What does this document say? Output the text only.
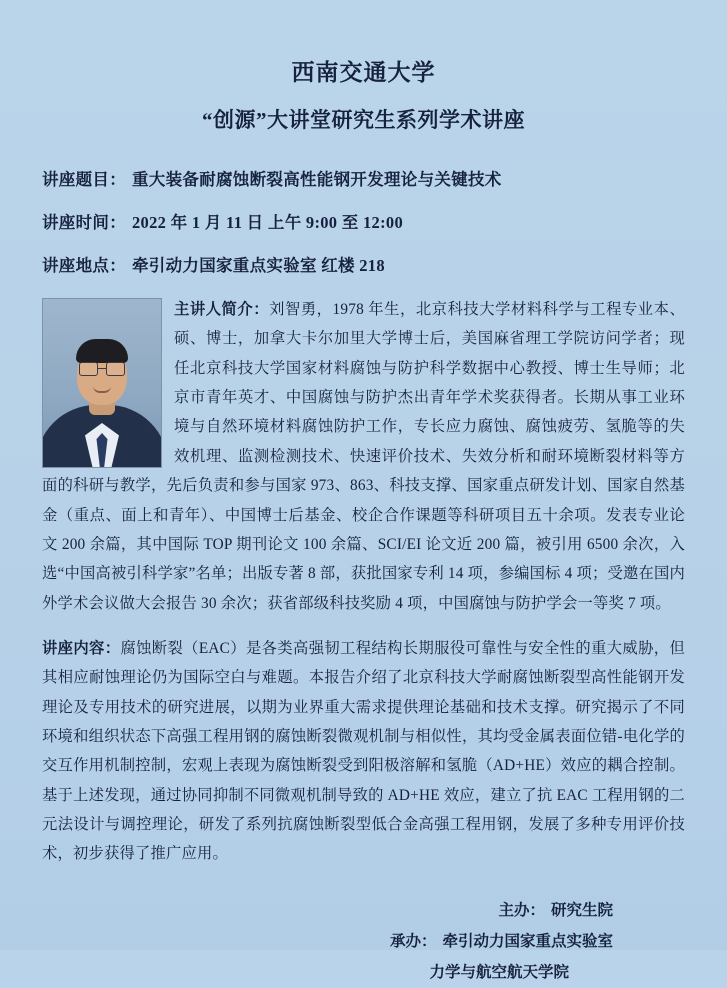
西南交通大学
“创源”大讲堂研究生系列学术讲座
讲座题目： 重大装备耐腐蚀断裂高性能钢开发理论与关键技术
讲座时间： 2022 年 1 月 11 日 上午 9:00 至 12:00
讲座地点： 牵引动力国家重点实验室 红楼 218

主讲人简介：刘智勇，1978 年生，北京科技大学材料科学与工程专业本、硕、博士，加拿大卡尔加里大学博士后，美国麻省理工学院访问学者；现任北京科技大学国家材料腐蚀与防护科学数据中心教授、博士生导师；北京市青年英才、中国腐蚀与防护杰出青年学术奖获得者。长期从事工业环境与自然环境材料腐蚀防护工作，专长应力腐蚀、腐蚀疲劳、氢脆等的失效机理、监测检测技术、快速评价技术、失效分析和耐环境断裂材料等方面的科研与教学，先后负责和参与国家 973、863、科技支撑、国家重点研发计划、国家自然基金（重点、面上和青年）、中国博士后基金、校企合作课题等科研项目五十余项。发表专业论文 200 余篇，其中国际 TOP 期刊论文 100 余篇、SCI/EI 论文近 200 篇，被引用 6500 余次，入选“中国高被引科学家”名单；出版专著 8 部，获批国家专利 14 项，参编国标 4 项；受邀在国内外学术会议做大会报告 30 余次；获省部级科技奖励 4 项，中国腐蚀与防护学会一等奖 7 项。

讲座内容：腐蚀断裂（EAC）是各类高强韧工程结构长期服役可靠性与安全性的重大威胁，但其相应耐蚀理论仍为国际空白与难题。本报告介绍了北京科技大学耐腐蚀断裂型高性能钢开发理论及专用技术的研究进展，以期为业界重大需求提供理论基础和技术支撑。研究揭示了不同环境和组织状态下高强工程用钢的腐蚀断裂微观机制与相似性，其均受金属表面位错-电化学的交互作用机制控制，宏观上表现为腐蚀断裂受到阳极溶解和氢脆（AD+HE）效应的耦合控制。基于上述发现，通过协同抑制不同微观机制导致的 AD+HE 效应，建立了抗 EAC 工程用钢的二元法设计与调控理论，研发了系列抗腐蚀断裂型低合金高强工程用钢，发展了多种专用评价技术，初步获得了推广应用。

主办： 研究生院
承办： 牵引动力国家重点实验室
力学与航空航天学院
